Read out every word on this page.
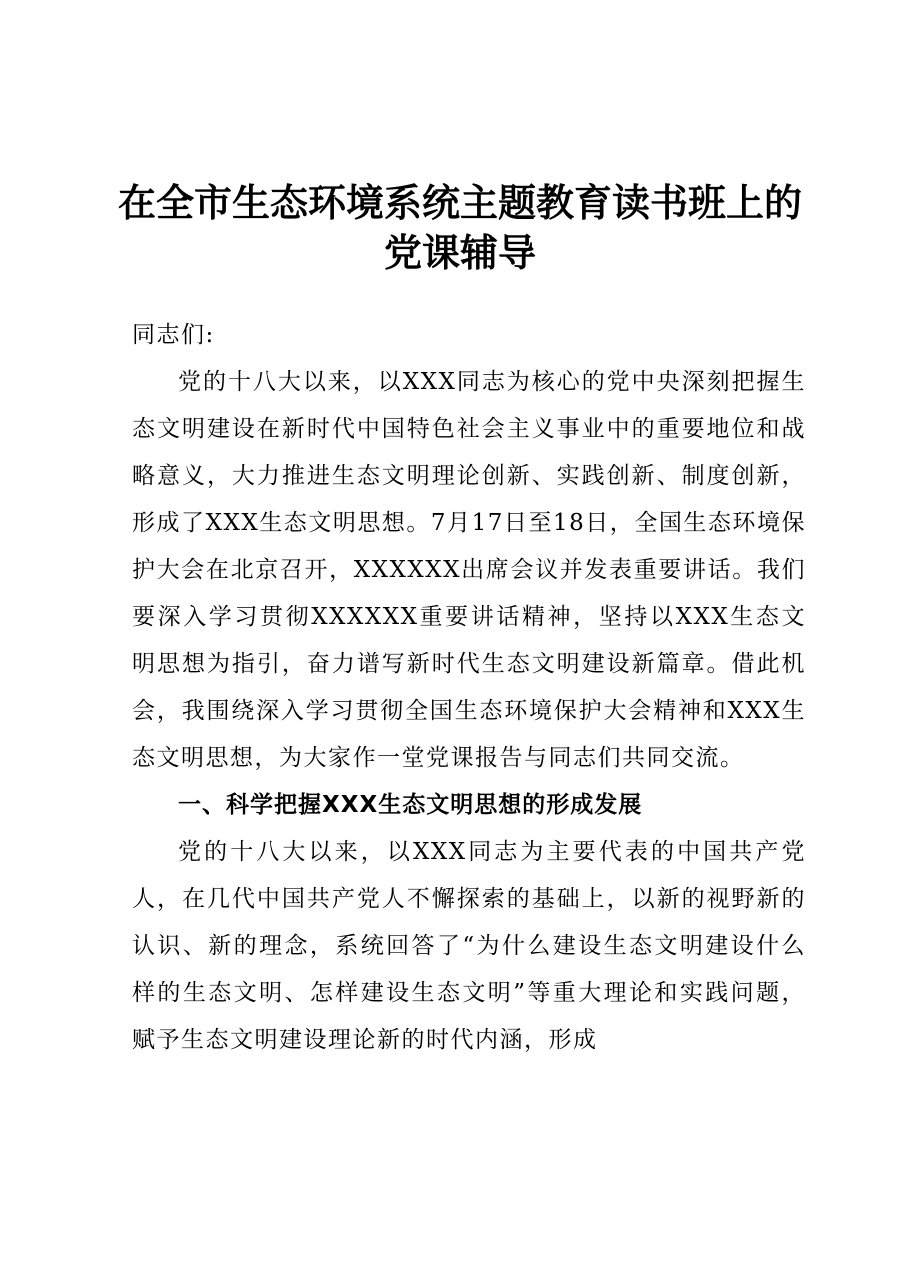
在全市生态环境系统主题教育读书班上的党课辅导

同志们:

党的十八大以来，以XXX同志为核心的党中央深刻把握生态文明建设在新时代中国特色社会主义事业中的重要地位和战略意义，大力推进生态文明理论创新、实践创新、制度创新，形成了XXX生态文明思想。7月17日至18日，全国生态环境保护大会在北京召开，XXXXXX出席会议并发表重要讲话。我们要深入学习贯彻XXXXXX重要讲话精神，坚持以XXX生态文明思想为指引，奋力谱写新时代生态文明建设新篇章。借此机会，我围绕深入学习贯彻全国生态环境保护大会精神和XXX生态文明思想，为大家作一堂党课报告与同志们共同交流。

一、科学把握XXX生态文明思想的形成发展

党的十八大以来，以XXX同志为主要代表的中国共产党人，在几代中国共产党人不懈探索的基础上，以新的视野新的认识、新的理念，系统回答了“为什么建设生态文明建设什么样的生态文明、怎样建设生态文明”等重大理论和实践问题，赋予生态文明建设理论新的时代内涵，形成
